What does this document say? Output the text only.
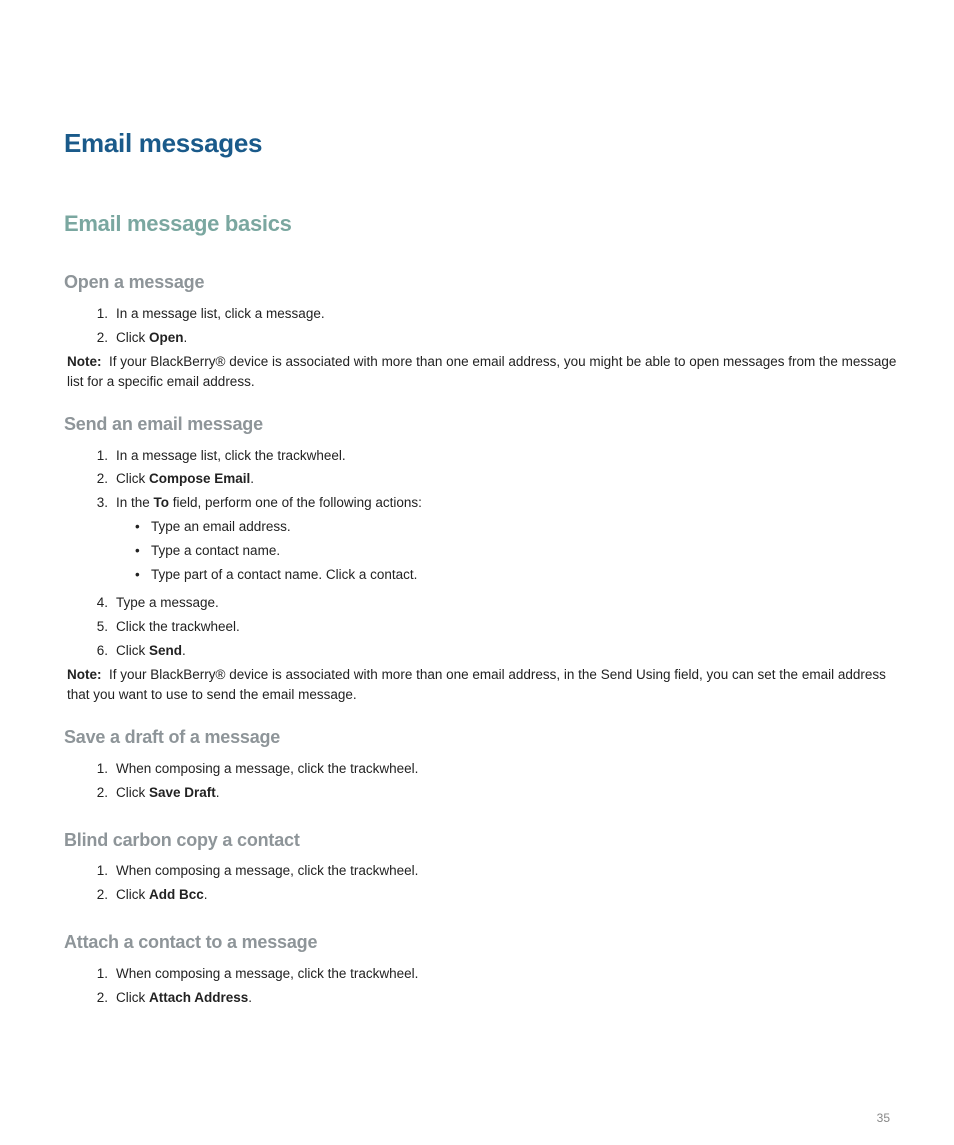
Email messages
Email message basics
Open a message
1. In a message list, click a message.
2. Click Open.
Note: If your BlackBerry® device is associated with more than one email address, you might be able to open messages from the message list for a specific email address.
Send an email message
1. In a message list, click the trackwheel.
2. Click Compose Email.
3. In the To field, perform one of the following actions:
• Type an email address.
• Type a contact name.
• Type part of a contact name. Click a contact.
4. Type a message.
5. Click the trackwheel.
6. Click Send.
Note: If your BlackBerry® device is associated with more than one email address, in the Send Using field, you can set the email address that you want to use to send the email message.
Save a draft of a message
1. When composing a message, click the trackwheel.
2. Click Save Draft.
Blind carbon copy a contact
1. When composing a message, click the trackwheel.
2. Click Add Bcc.
Attach a contact to a message
1. When composing a message, click the trackwheel.
2. Click Attach Address.
35
